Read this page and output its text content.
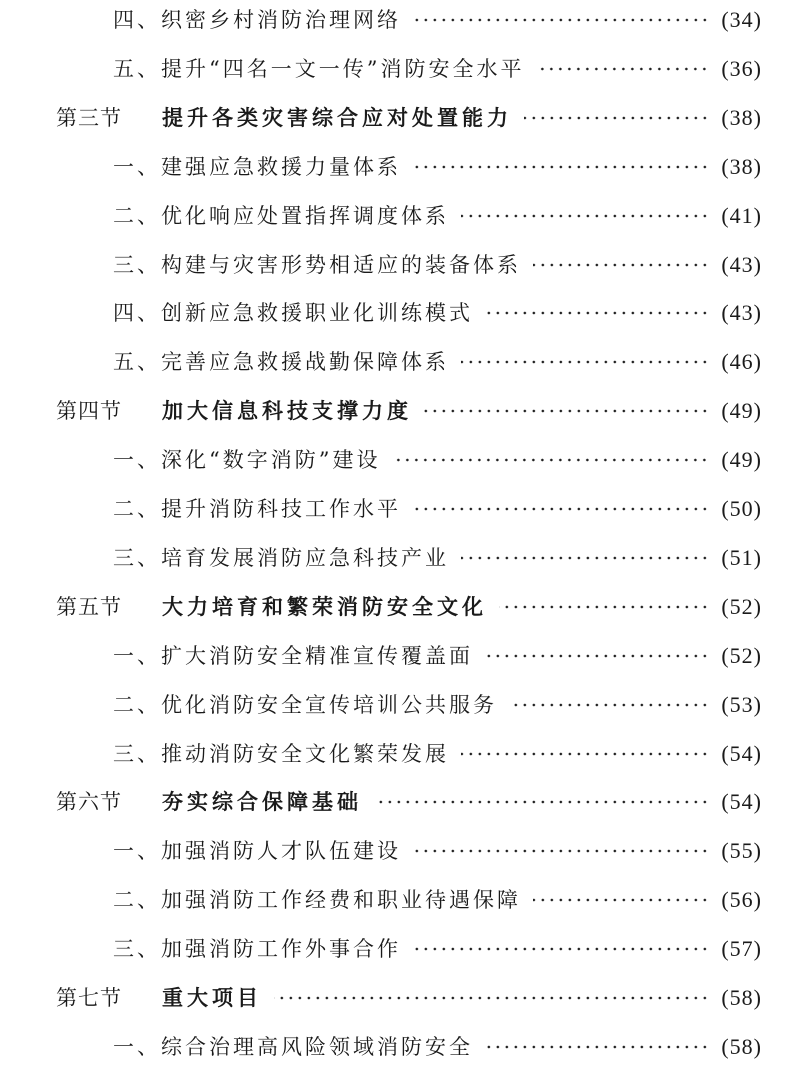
四、织密乡村消防治理网络	(34)
五、提升“四名一文一传”消防安全水平	(36)
第三节 提升各类灾害综合应对处置能力	(38)
一、建强应急救援力量体系	(38)
二、优化响应处置指挥调度体系	(41)
三、构建与灾害形势相适应的装备体系	(43)
四、创新应急救援职业化训练模式	(43)
五、完善应急救援战勤保障体系	(46)
第四节 加大信息科技支撑力度	(49)
一、深化“数字消防”建设	(49)
二、提升消防科技工作水平	(50)
三、培育发展消防应急科技产业	(51)
第五节 大力培育和繁荣消防安全文化	(52)
一、扩大消防安全精准宣传覆盖面	(52)
二、优化消防安全宣传培训公共服务	(53)
三、推动消防安全文化繁荣发展	(54)
第六节 夯实综合保障基础	(54)
一、加强消防人才队伍建设	(55)
二、加强消防工作经费和职业待遇保障	(56)
三、加强消防工作外事合作	(57)
第七节 重大项目	(58)
一、综合治理高风险领域消防安全	(58)
